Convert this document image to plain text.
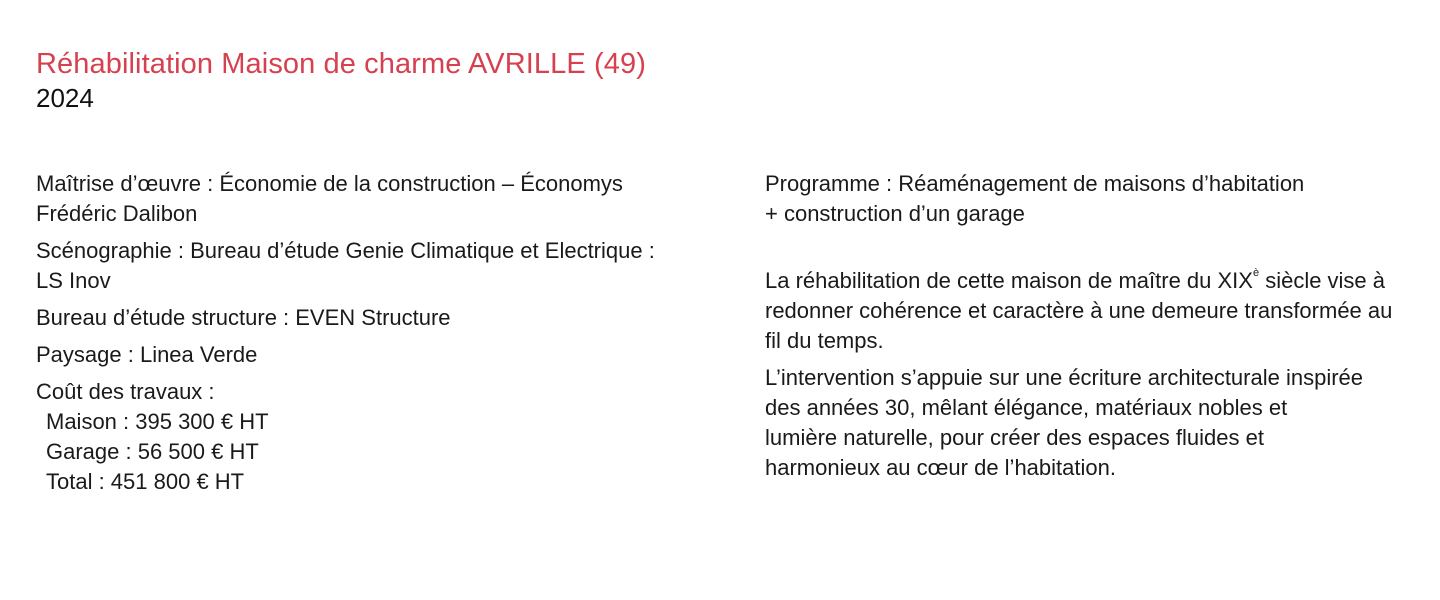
Réhabilitation Maison de charme AVRILLE (49)

2024

Maîtrise d’œuvre : Économie de la construction – Économys Frédéric Dalibon

Scénographie : Bureau d’étude Genie Climatique et Electrique : LS Inov

Bureau d’étude structure : EVEN Structure

Paysage : Linea Verde

Coût des travaux :

Maison : 395 300 € HT

Garage : 56 500 € HT

Total : 451 800 € HT

Programme : Réaménagement de maisons d’habitation + construction d’un garage

La réhabilitation de cette maison de maître du $XIX^è$ siècle vise à redonner cohérence et caractère à une demeure transformée au fil du temps.

L’intervention s’appuie sur une écriture architecturale inspirée des années 30, mêlant élégance, matériaux nobles et lumière naturelle, pour créer des espaces fluides et harmonieux au cœur de l’habitation.
